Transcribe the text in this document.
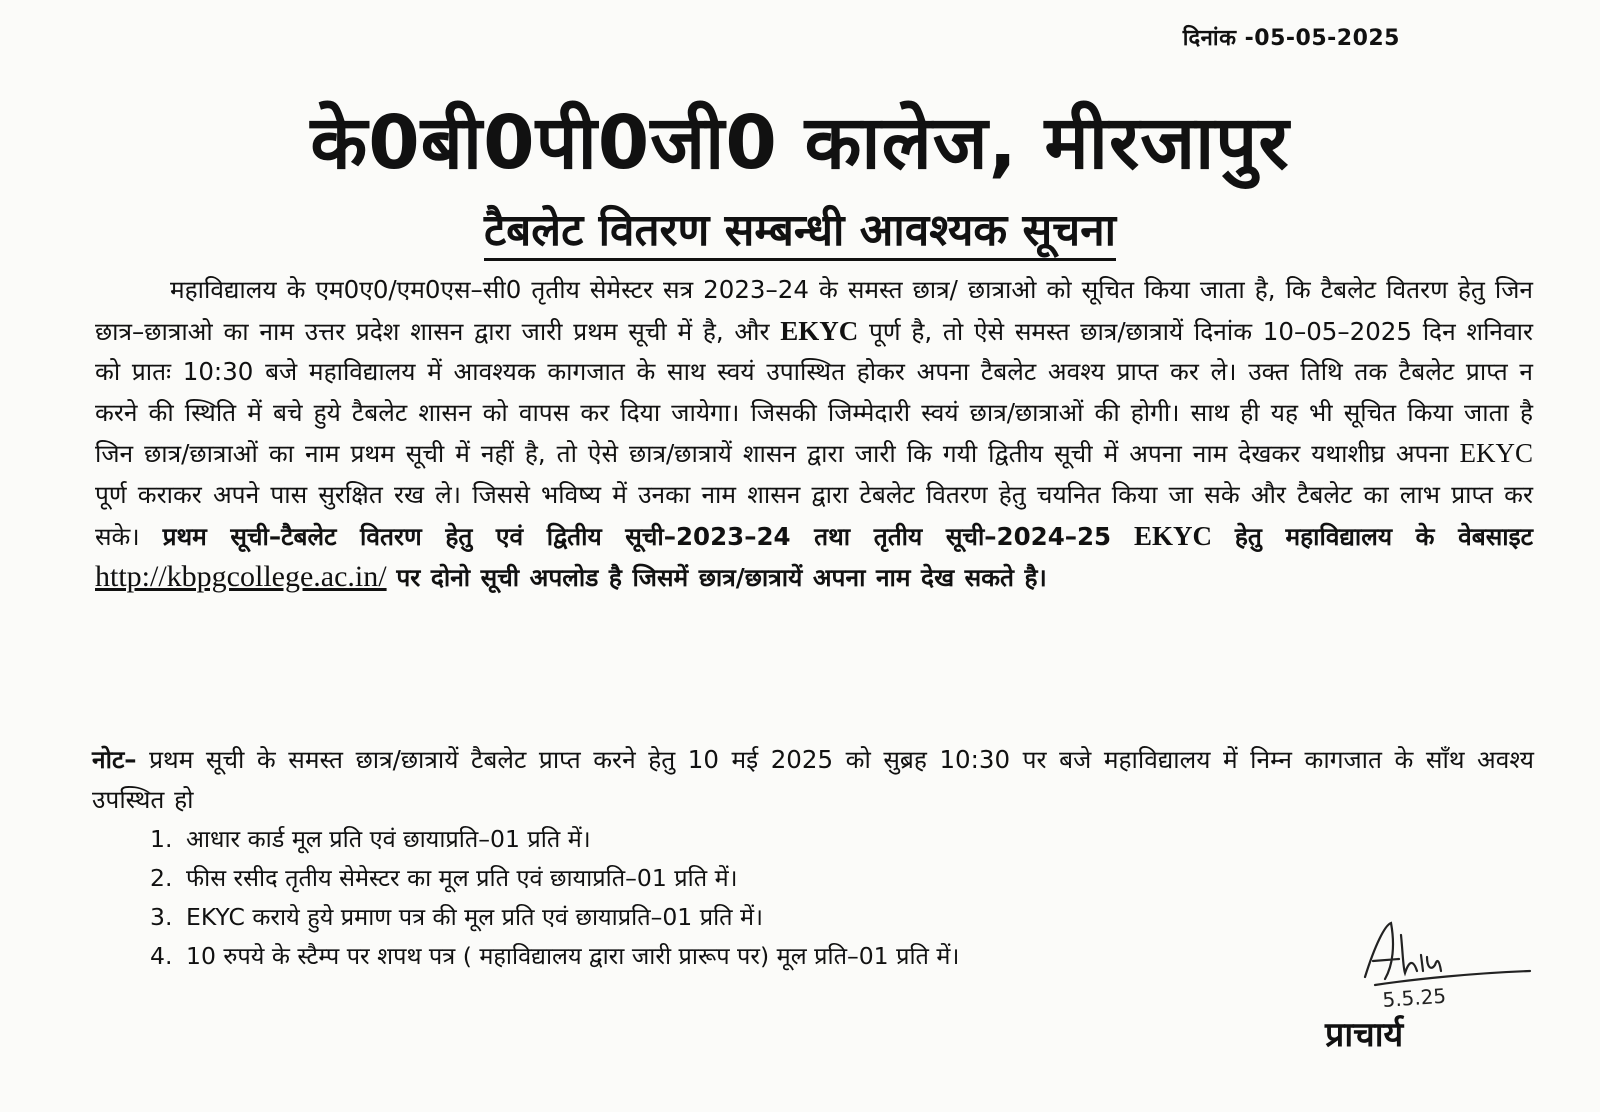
दिनांक -05-05-2025
के0बी0पी0जी0 कालेज, मीरजापुर
टैबलेट वितरण सम्बन्धी आवश्यक सूचना
महाविद्यालय के एम0ए0/एम0एस–सी0 तृतीय सेमेस्टर सत्र 2023–24 के समस्त छात्र/ छात्राओ को सूचित किया जाता है, कि टैबलेट वितरण हेतु जिन छात्र–छात्राओ का नाम उत्तर प्रदेश शासन द्वारा जारी प्रथम सूची में है, और EKYC पूर्ण है, तो ऐसे समस्त छात्र/छात्रायें दिनांक 10–05–2025 दिन शनिवार को प्रातः 10:30 बजे महाविद्यालय में आवश्यक कागजात के साथ स्वयं उपास्थित होकर अपना टैबलेट अवश्य प्राप्त कर ले। उक्त तिथि तक टैबलेट प्राप्त न करने की स्थिति में बचे हुये टैबलेट शासन को वापस कर दिया जायेगा। जिसकी जिम्मेदारी स्वयं छात्र/छात्राओं की होगी। साथ ही यह भी सूचित किया जाता है जिन छात्र/छात्राओं का नाम प्रथम सूची में नहीं है, तो ऐसे छात्र/छात्रायें शासन द्वारा जारी कि गयी द्वितीय सूची में अपना नाम देखकर यथाशीघ्र अपना EKYC पूर्ण कराकर अपने पास सुरक्षित रख ले। जिससे भविष्य में उनका नाम शासन द्वारा टेबलेट वितरण हेतु चयनित किया जा सके और टैबलेट का लाभ प्राप्त कर सके। प्रथम सूची–टैबलेट वितरण हेतु एवं द्वितीय सूची–2023–24 तथा तृतीय सूची–2024–25 EKYC हेतु महाविद्यालय के वेबसाइट http://kbpgcollege.ac.in/ पर दोनो सूची अपलोड है जिसमें छात्र/छात्रायें अपना नाम देख सकते है।
नोट– प्रथम सूची के समस्त छात्र/छात्रायें टैबलेट प्राप्त करने हेतु 10 मई 2025 को सुब्रह 10:30 पर बजे महाविद्यालय में निम्न कागजात के साँथ अवश्य उपस्थित हो
1. आधार कार्ड मूल प्रति एवं छायाप्रति–01 प्रति में।
2. फीस रसीद तृतीय सेमेस्टर का मूल प्रति एवं छायाप्रति–01 प्रति में।
3. EKYC कराये हुये प्रमाण पत्र की मूल प्रति एवं छायाप्रति–01 प्रति में।
4. 10 रुपये के स्टैम्प पर शपथ पत्र ( महाविद्यालय द्वारा जारी प्रारूप पर) मूल प्रति–01 प्रति में।
5.5.25
प्राचार्य
